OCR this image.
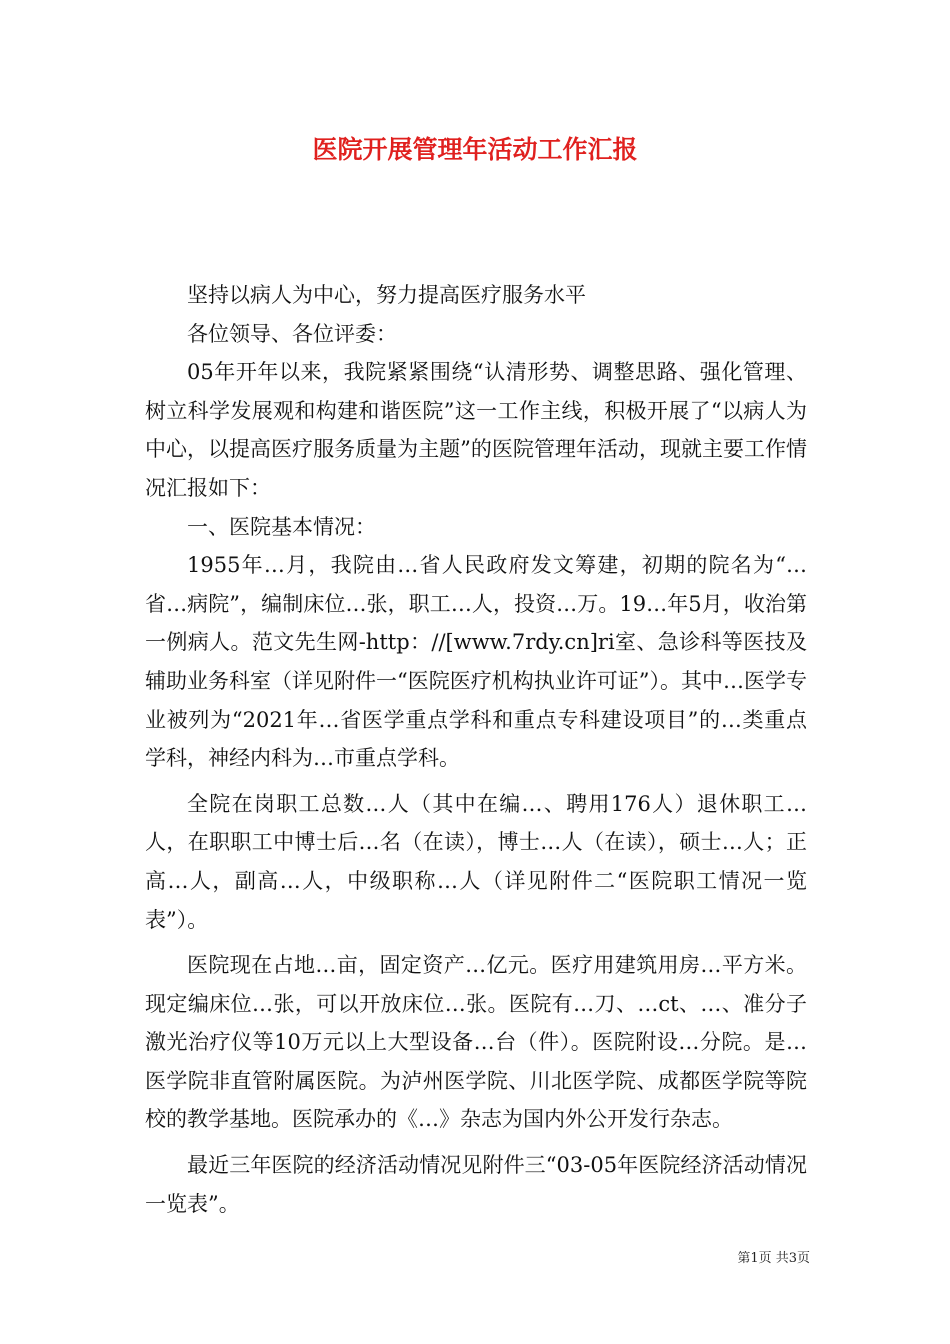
医院开展管理年活动工作汇报

坚持以病人为中心，努力提高医疗服务水平

各位领导、各位评委：

05年开年以来，我院紧紧围绕“认清形势、调整思路、强化管理、树立科学发展观和构建和谐医院”这一工作主线，积极开展了“以病人为中心，以提高医疗服务质量为主题”的医院管理年活动，现就主要工作情况汇报如下：

一、医院基本情况：

1955年…月，我院由…省人民政府发文筹建，初期的院名为“…省…病院”，编制床位…张，职工…人，投资…万。19…年5月，收治第一例病人。范文先生网-http：//[www.7rdy.cn]ri室、急诊科等医技及辅助业务科室（详见附件一“医院医疗机构执业许可证”）。其中…医学专业被列为“2021年…省医学重点学科和重点专科建设项目”的…类重点学科，神经内科为…市重点学科。

全院在岗职工总数…人（其中在编…、聘用176人）退休职工…人，在职职工中博士后…名（在读），博士…人（在读），硕士…人；正高…人，副高…人，中级职称…人（详见附件二“医院职工情况一览表”）。

医院现在占地…亩，固定资产…亿元。医疗用建筑用房…平方米。现定编床位…张，可以开放床位…张。医院有…刀、…ct、…、准分子激光治疗仪等10万元以上大型设备…台（件）。医院附设…分院。是…医学院非直管附属医院。为泸州医学院、川北医学院、成都医学院等院校的教学基地。医院承办的《…》杂志为国内外公开发行杂志。

最近三年医院的经济活动情况见附件三“03-05年医院经济活动情况一览表”。

第1页 共3页
